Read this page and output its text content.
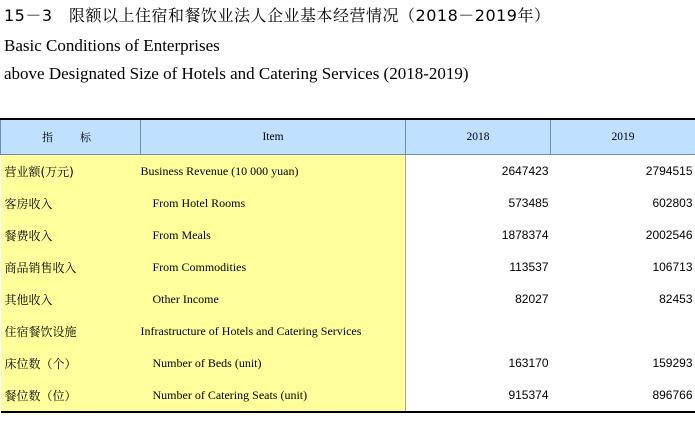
15－3　限额以上住宿和餐饮业法人企业基本经营情况（2018－2019年）
Basic Conditions of Enterprises
above Designated Size of Hotels and Catering Services (2018-2019)
指　标	Item	2018	2019
营业额(万元)	Business Revenue (10 000 yuan)	2647423	2794515
客房收入	From Hotel Rooms	573485	602803
餐费收入	From Meals	1878374	2002546
商品销售收入	From Commodities	113537	106713
其他收入	Other Income	82027	82453
住宿餐饮设施	Infrastructure of Hotels and Catering Services		
床位数（个）	Number of Beds (unit)	163170	159293
餐位数（位）	Number of Catering Seats (unit)	915374	896766
